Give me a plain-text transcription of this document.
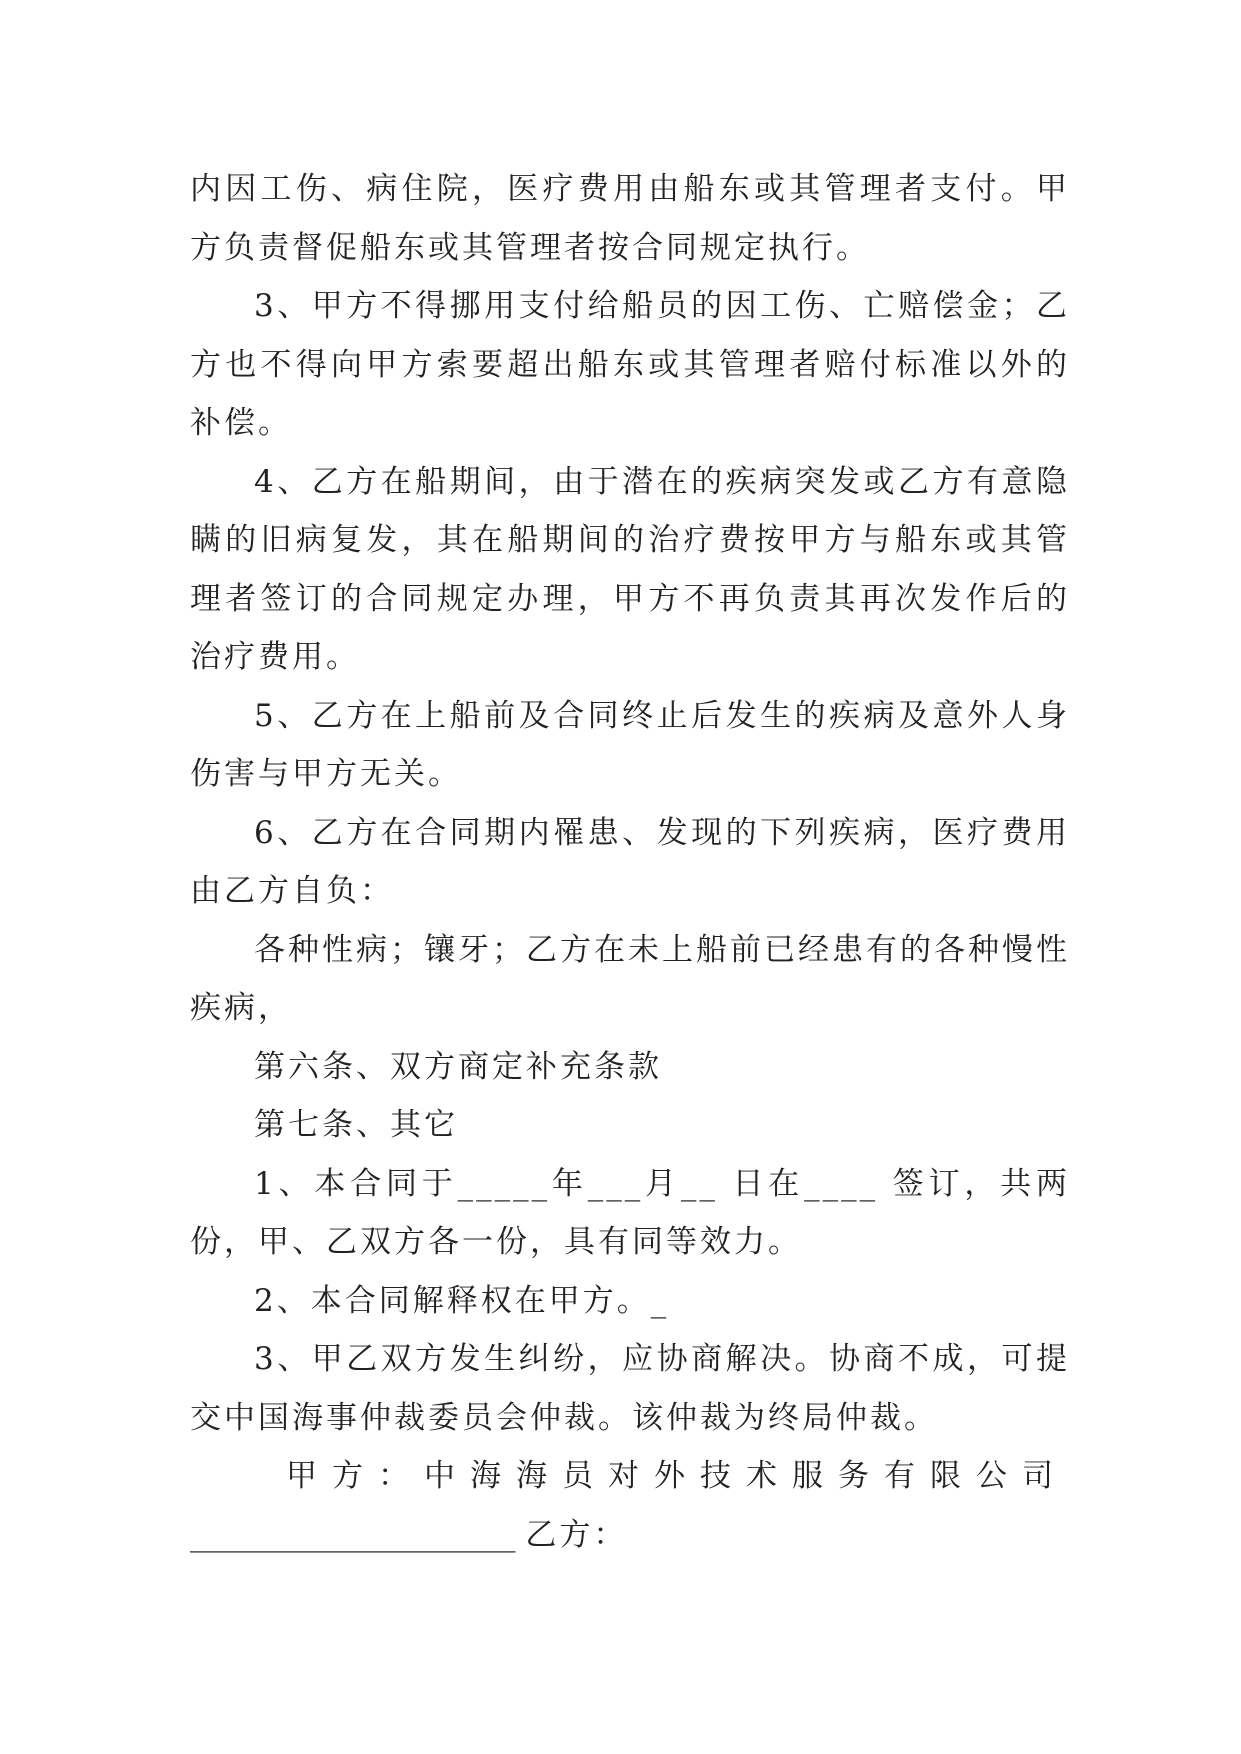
内因工伤、病住院，医疗费用由船东或其管理者支付。甲方负责督促船东或其管理者按合同规定执行。

3、甲方不得挪用支付给船员的因工伤、亡赔偿金；乙方也不得向甲方索要超出船东或其管理者赔付标准以外的补偿。

4、乙方在船期间，由于潜在的疾病突发或乙方有意隐瞒的旧病复发，其在船期间的治疗费按甲方与船东或其管理者签订的合同规定办理，甲方不再负责其再次发作后的治疗费用。

5、乙方在上船前及合同终止后发生的疾病及意外人身伤害与甲方无关。

6、乙方在合同期内罹患、发现的下列疾病，医疗费用由乙方自负：

各种性病；镶牙；乙方在未上船前已经患有的各种慢性疾病，

第六条、双方商定补充条款

第七条、其它

1、本合同于_____年___月__ 日在____ 签订，共两份，甲、乙双方各一份，具有同等效力。

2、本合同解释权在甲方。_

3、甲乙双方发生纠纷，应协商解决。协商不成，可提交中国海事仲裁委员会仲裁。该仲裁为终局仲裁。

甲方：中海海员对外技术服务有限公司

_____________________ 乙方：
